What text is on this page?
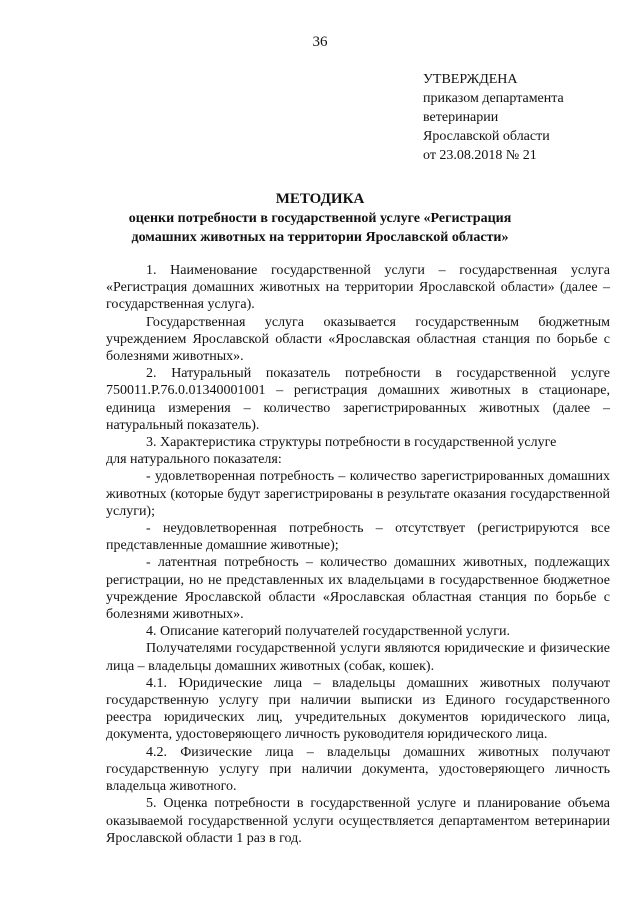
36
УТВЕРЖДЕНА
приказом департамента
ветеринарии
Ярославской области
от 23.08.2018 № 21
МЕТОДИКА
оценки потребности в государственной услуге «Регистрация домашних животных на территории Ярославской области»

1. Наименование государственной услуги – государственная услуга «Регистрация домашних животных на территории Ярославской области» (далее – государственная услуга).

Государственная услуга оказывается государственным бюджетным учреждением Ярославской области «Ярославская областная станция по борьбе с болезнями животных».

2. Натуральный показатель потребности в государственной услуге 750011.Р.76.0.01340001001 – регистрация домашних животных в стационаре, единица измерения – количество зарегистрированных животных (далее – натуральный показатель).

3. Характеристика структуры потребности в государственной услуге

для натурального показателя:

- удовлетворенная потребность – количество зарегистрированных домашних животных (которые будут зарегистрированы в результате оказания государственной услуги);

- неудовлетворенная потребность – отсутствует (регистрируются все представленные домашние животные);

- латентная потребность – количество домашних животных, подлежащих регистрации, но не представленных их владельцами в государственное бюджетное учреждение Ярославской области «Ярославская областная станция по борьбе с болезнями животных».

4. Описание категорий получателей государственной услуги.

Получателями государственной услуги являются юридические и физические лица – владельцы домашних животных (собак, кошек).

4.1. Юридические лица – владельцы домашних животных получают государственную услугу при наличии выписки из Единого государственного реестра юридических лиц, учредительных документов юридического лица, документа, удостоверяющего личность руководителя юридического лица.

4.2. Физические лица – владельцы домашних животных получают государственную услугу при наличии документа, удостоверяющего личность владельца животного.

5. Оценка потребности в государственной услуге и планирование объема оказываемой государственной услуги осуществляется департаментом ветеринарии Ярославской области 1 раз в год.
